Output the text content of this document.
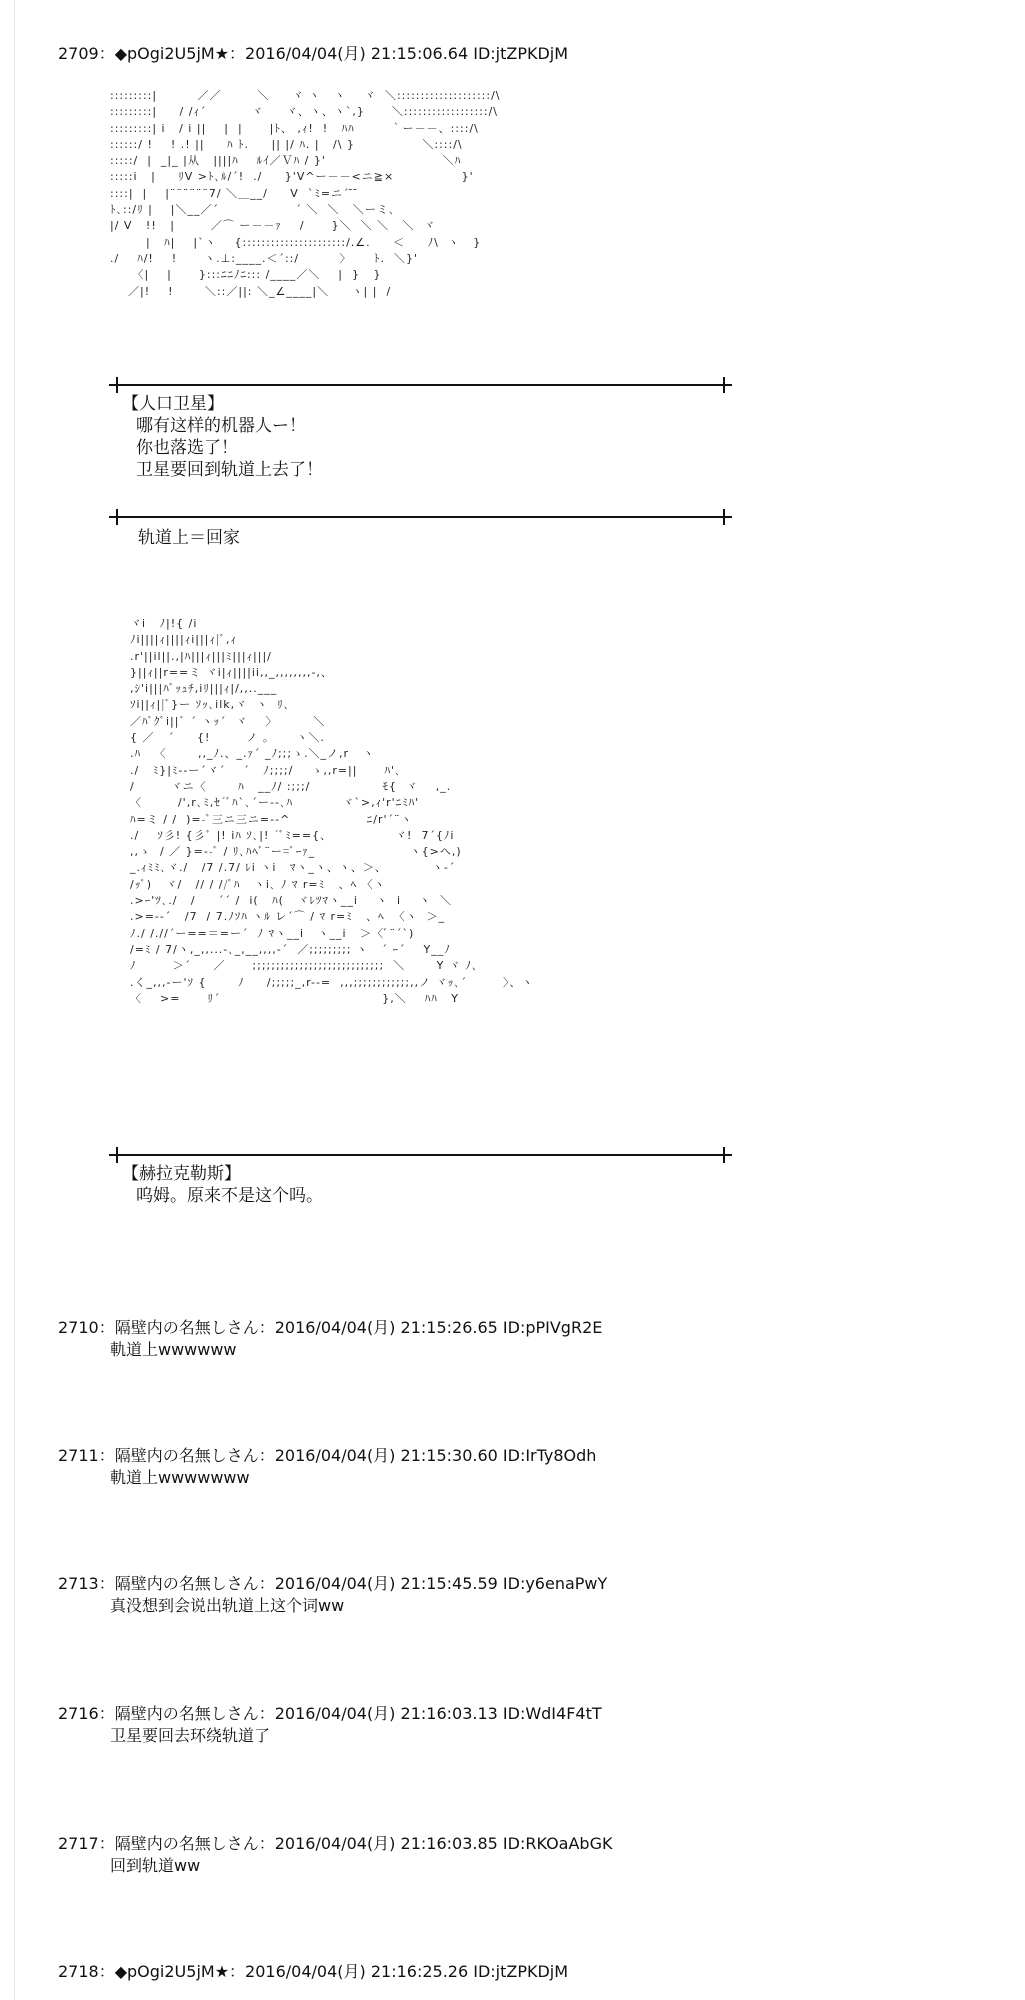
2709：◆pOgi2U5jM★：2016/04/04(月) 21:15:06.64 ID:jtZPKDjM
:::::::::|         ／／        ＼     ヾ ヽ   ヽ    ヾ  ＼::::::::::::::::::::/\
:::::::::|     / /ｨ´          ヾ     ヾ、ヽ、ヽ`,}      ＼::::::::::::::::::/\
:::::::::| i   / i ||    |  |      |ﾄ、 ,ｨ!  !   ﾊﾊ        ｀ー－－、::::/\
::::::/ !    ! .! ||     ﾊ ﾄ.     || |/ ﾊ. |   /\ }               ＼::::/\
:::::/  |  _|_ |从   ||||ﾊ    ﾙｲ／Ｖﾊ / }'                          ＼ﾊ
:::::i   |     ﾘV >ﾄ､ﾙ/´!  ./     }'V^ー－－<ニ≧×               }'
::::|  |    |¨¨¨¨¨¨7/ ＼＿__/     V  `ﾐ=ニ´ ̄ ̄
ﾄ､::/ﾘ |    |＼__／´                 ´ ＼  ＼   ＼ーミ､
|/ V   !!   |        ／⌒ ー－－ｧ    /      }＼  ＼ ＼   ＼  ヾ
|   ﾊ|    |`ヽ    {::::::::::::::::::::::/.∠.     ＜     ﾉ\  ヽ   }
./    ﾊ/!    !      ヽ.⊥:____.＜´::/         〉     ﾄ.  ＼}'
〈|    |      }:::ﾆﾆﾉﾆ::: /____／＼    |  }   }
／|!    !       ＼::／||: ＼_∠____|＼     ヽ| |  /
【人口卫星】
哪有这样的机器人ー！
你也落选了！
卫星要回到轨道上去了！
轨道上＝回家
ヾi   ﾉ|!{ /i
ﾉi||||ｨ||||ｨi|||ｨ|ﾞ,ｨ
.r'||il||.,|ﾊ|||ｨ|||ﾐ|||ｨ|||/
}||ｨ||r==ミ ヾi|ｨ||||ii,,_,,,,,,,,-,、
,ｼ'i|||ﾊﾞｯｭﾁ,iﾘ|||ｨ|/,,..___
ｿi||ｨ||ﾞ}ー ｿｯ､ilk,ヾ  ヽ  ﾘ､
／ﾊﾞｸﾞi||ﾞ ´ ヽｯ´  ヾ    〉        ＼
{ ／   ´     {!        ノ ｡      ヽ＼.
.ﾊ   〈       ,,_ﾉ.、_.ｧ´ _ﾉ;;;ゝ.＼_ノ,r   ヽ
./   ﾐ}|ﾐ--ー´ヾ´    ´   ﾉ;;;;/    ゝ,,r=||      ﾊ'､
/        ヾニ〈       ﾊ   __ﾉ/ :;;;/                ﾓ{  ヾ    ,_.
〈        /',r､ﾐ,ｾ´ﾞﾊ`､´ー--､ﾊ           ヾ`>,ｨ'r'ﾆﾐﾊ'
ﾊ=ミ / /  )=-ﾞ三ニ三ニ=--^                 ﾆ/r'´¨ヽ
./    ｿ彡! {彡ﾞ |! iﾊ ｿ､|! ´ﾞﾐ=={、              ヾ!  7´{ﾉi
,,ゝ  / ／ }=--ﾞ / ﾘ､ﾊﾍﾞ¨ー=ﾞｰｧ_                     ヽ{>ヘ,)
_.ｨﾐﾐ､ヾ./   /7 /.7/ ﾚi ヽi   ﾏヽ_ヽ、ヽ、＞、          ヽ-´
/ｯﾞ)   ヾ/   // / //ﾞﾊ   ヽi､ ﾉ ﾏ r=ﾐ   、ﾍ 〈ヽ
.>ｰ'ﾂ､./   /     ´´ /  i(   ﾊ(   ヾﾚﾂﾏヽ__i    ヽ  i    ヽ  ＼
.>=--´   /7  / 7.ﾉｿﾊ ヽﾙ レ´⌒ / ﾏ r=ﾐ   、ﾍ  〈ヽ  ＞_
ﾉ./ /.//´ー==＝=ー´  ﾉ ﾏヽ__i   ヽ__i   ＞〈ﾞ¨´`)
/=ﾐ / 7/ヽ,_,,...-､_,__,,,,-´  ／;;;;;;;;; ヽ   ´ ｰ´    Y__ﾉ
ﾉ        ＞´     ／      ;;;;;;;;;;;;;;;;;;;;;;;;;;;;  ＼       Y ヾ ﾉ､
.く_,,,-ー'ｿ {       ﾉ     /;;;;;_,r--=  ,,,;;;;;;;;;;;;,,ノ ヾｯ､´        〉、ヽ
〈    >=      ﾘ´                                    },＼    ﾊﾊ   Y
【赫拉克勒斯】
呜姆。原来不是这个吗。
2710：隔壁内の名無しさん：2016/04/04(月) 21:15:26.65 ID:pPIVgR2E
軌道上wwwwww
2711：隔壁内の名無しさん：2016/04/04(月) 21:15:30.60 ID:IrTy8Odh
軌道上wwwwwww
2713：隔壁内の名無しさん：2016/04/04(月) 21:15:45.59 ID:y6enaPwY
真没想到会说出轨道上这个词ww
2716：隔壁内の名無しさん：2016/04/04(月) 21:16:03.13 ID:WdI4F4tT
卫星要回去环绕轨道了
2717：隔壁内の名無しさん：2016/04/04(月) 21:16:03.85 ID:RKOaAbGK
回到轨道ww
2718：◆pOgi2U5jM★：2016/04/04(月) 21:16:25.26 ID:jtZPKDjM
